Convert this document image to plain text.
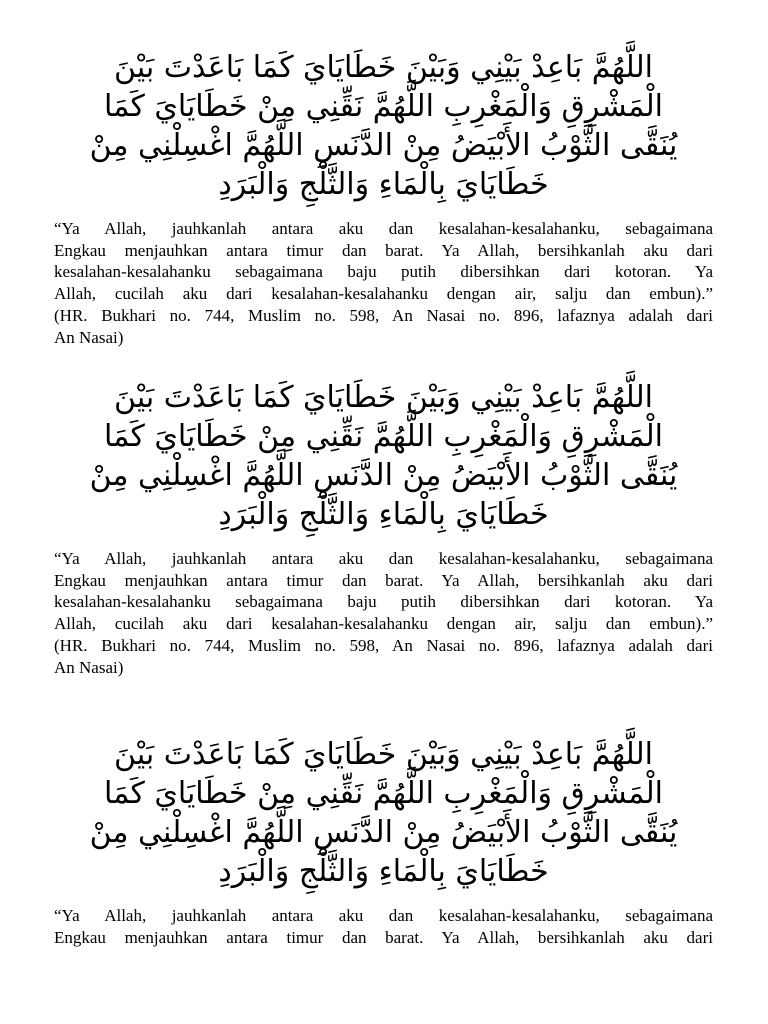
اللَّهُمَّ بَاعِدْ بَيْنِي وَبَيْنَ خَطَايَايَ كَمَا بَاعَدْتَ بَيْنَ
الْمَشْرِقِ وَالْمَغْرِبِ اللَّهُمَّ نَقِّنِي مِنْ خَطَايَايَ كَمَا
يُنَقَّى الثَّوْبُ الأَبْيَضُ مِنْ الدَّنَسِ اللَّهُمَّ اغْسِلْنِي مِنْ
خَطَايَايَ بِالْمَاءِ وَالثَّلْجِ وَالْبَرَدِ
“Ya Allah, jauhkanlah antara aku dan kesalahan-kesalahanku, sebagaimana
Engkau menjauhkan antara timur dan barat. Ya Allah, bersihkanlah aku dari
kesalahan-kesalahanku sebagaimana baju putih dibersihkan dari kotoran. Ya
Allah, cucilah aku dari kesalahan-kesalahanku dengan air, salju dan embun).”
(HR. Bukhari no. 744, Muslim no. 598, An Nasai no. 896, lafaznya adalah dari
An Nasai)
اللَّهُمَّ بَاعِدْ بَيْنِي وَبَيْنَ خَطَايَايَ كَمَا بَاعَدْتَ بَيْنَ
الْمَشْرِقِ وَالْمَغْرِبِ اللَّهُمَّ نَقِّنِي مِنْ خَطَايَايَ كَمَا
يُنَقَّى الثَّوْبُ الأَبْيَضُ مِنْ الدَّنَسِ اللَّهُمَّ اغْسِلْنِي مِنْ
خَطَايَايَ بِالْمَاءِ وَالثَّلْجِ وَالْبَرَدِ
“Ya Allah, jauhkanlah antara aku dan kesalahan-kesalahanku, sebagaimana
Engkau menjauhkan antara timur dan barat. Ya Allah, bersihkanlah aku dari
kesalahan-kesalahanku sebagaimana baju putih dibersihkan dari kotoran. Ya
Allah, cucilah aku dari kesalahan-kesalahanku dengan air, salju dan embun).”
(HR. Bukhari no. 744, Muslim no. 598, An Nasai no. 896, lafaznya adalah dari
An Nasai)
اللَّهُمَّ بَاعِدْ بَيْنِي وَبَيْنَ خَطَايَايَ كَمَا بَاعَدْتَ بَيْنَ
الْمَشْرِقِ وَالْمَغْرِبِ اللَّهُمَّ نَقِّنِي مِنْ خَطَايَايَ كَمَا
يُنَقَّى الثَّوْبُ الأَبْيَضُ مِنْ الدَّنَسِ اللَّهُمَّ اغْسِلْنِي مِنْ
خَطَايَايَ بِالْمَاءِ وَالثَّلْجِ وَالْبَرَدِ
“Ya Allah, jauhkanlah antara aku dan kesalahan-kesalahanku, sebagaimana
Engkau menjauhkan antara timur dan barat. Ya Allah, bersihkanlah aku dari
